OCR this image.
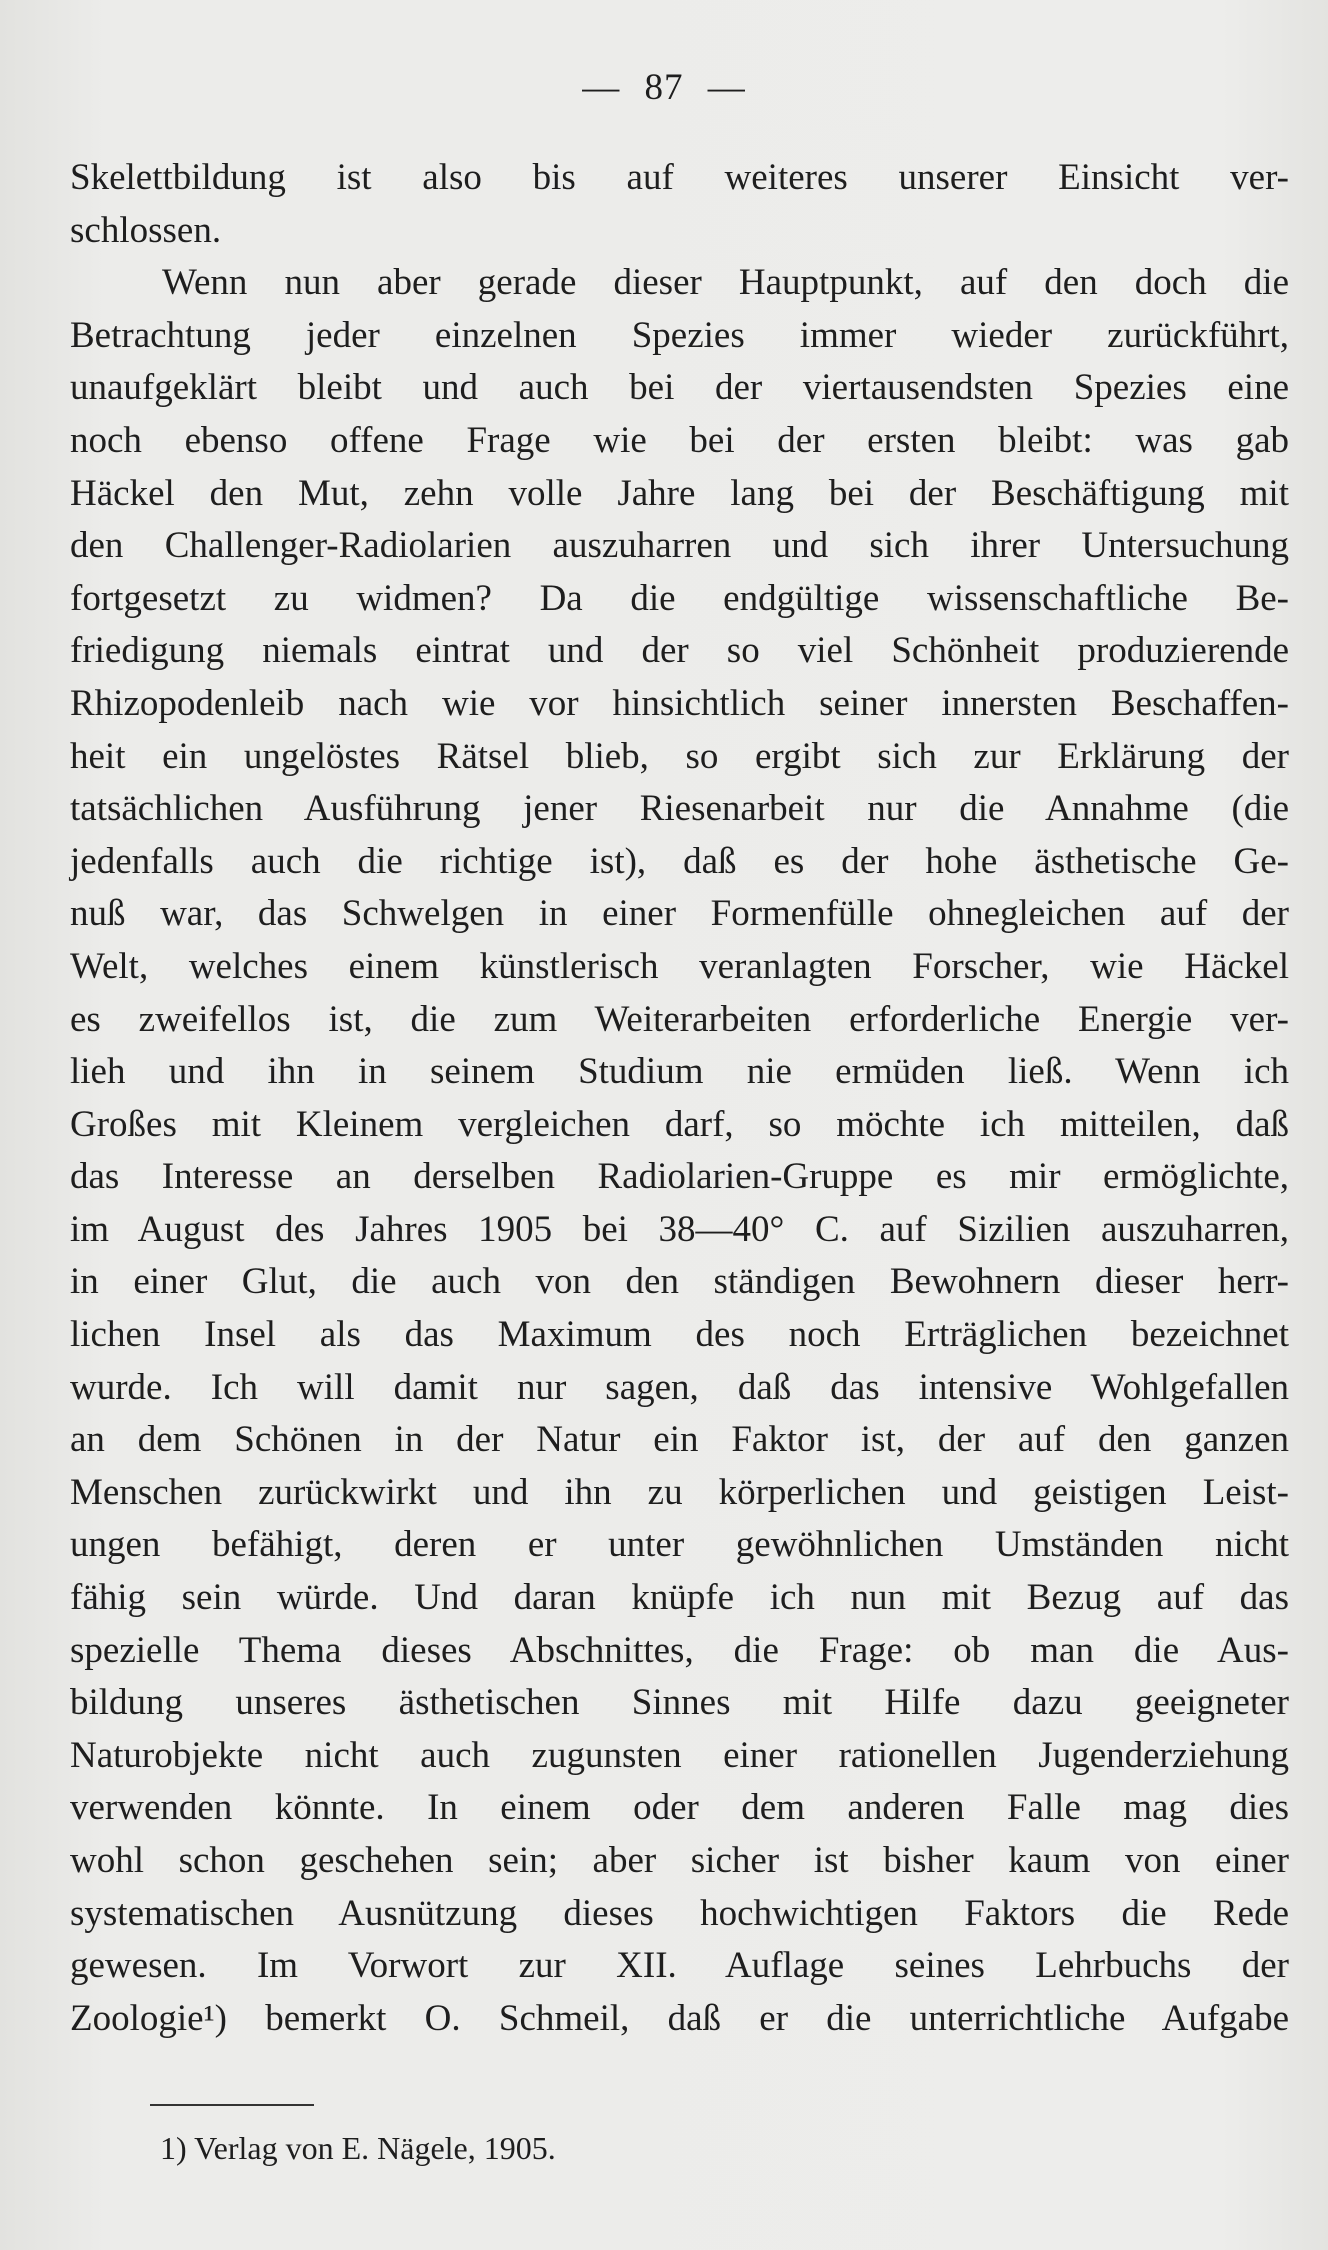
— 87 —
Skelettbildung ist also bis auf weiteres unserer Einsicht ver-
schlossen.
Wenn nun aber gerade dieser Hauptpunkt, auf den doch die
Betrachtung jeder einzelnen Spezies immer wieder zurückführt,
unaufgeklärt bleibt und auch bei der viertausendsten Spezies eine
noch ebenso offene Frage wie bei der ersten bleibt: was gab
Häckel den Mut, zehn volle Jahre lang bei der Beschäftigung mit
den Challenger-Radiolarien auszuharren und sich ihrer Untersuchung
fortgesetzt zu widmen? Da die endgültige wissenschaftliche Be-
friedigung niemals eintrat und der so viel Schönheit produzierende
Rhizopodenleib nach wie vor hinsichtlich seiner innersten Beschaffen-
heit ein ungelöstes Rätsel blieb, so ergibt sich zur Erklärung der
tatsächlichen Ausführung jener Riesenarbeit nur die Annahme (die
jedenfalls auch die richtige ist), daß es der hohe ästhetische Ge-
nuß war, das Schwelgen in einer Formenfülle ohnegleichen auf der
Welt, welches einem künstlerisch veranlagten Forscher, wie Häckel
es zweifellos ist, die zum Weiterarbeiten erforderliche Energie ver-
lieh und ihn in seinem Studium nie ermüden ließ. Wenn ich
Großes mit Kleinem vergleichen darf, so möchte ich mitteilen, daß
das Interesse an derselben Radiolarien-Gruppe es mir ermöglichte,
im August des Jahres 1905 bei 38—40° C. auf Sizilien auszuharren,
in einer Glut, die auch von den ständigen Bewohnern dieser herr-
lichen Insel als das Maximum des noch Erträglichen bezeichnet
wurde. Ich will damit nur sagen, daß das intensive Wohlgefallen
an dem Schönen in der Natur ein Faktor ist, der auf den ganzen
Menschen zurückwirkt und ihn zu körperlichen und geistigen Leist-
ungen befähigt, deren er unter gewöhnlichen Umständen nicht
fähig sein würde. Und daran knüpfe ich nun mit Bezug auf das
spezielle Thema dieses Abschnittes, die Frage: ob man die Aus-
bildung unseres ästhetischen Sinnes mit Hilfe dazu geeigneter
Naturobjekte nicht auch zugunsten einer rationellen Jugenderziehung
verwenden könnte. In einem oder dem anderen Falle mag dies
wohl schon geschehen sein; aber sicher ist bisher kaum von einer
systematischen Ausnützung dieses hochwichtigen Faktors die Rede
gewesen. Im Vorwort zur XII. Auflage seines Lehrbuchs der
Zoologie¹) bemerkt O. Schmeil, daß er die unterrichtliche Aufgabe
1) Verlag von E. Nägele, 1905.
